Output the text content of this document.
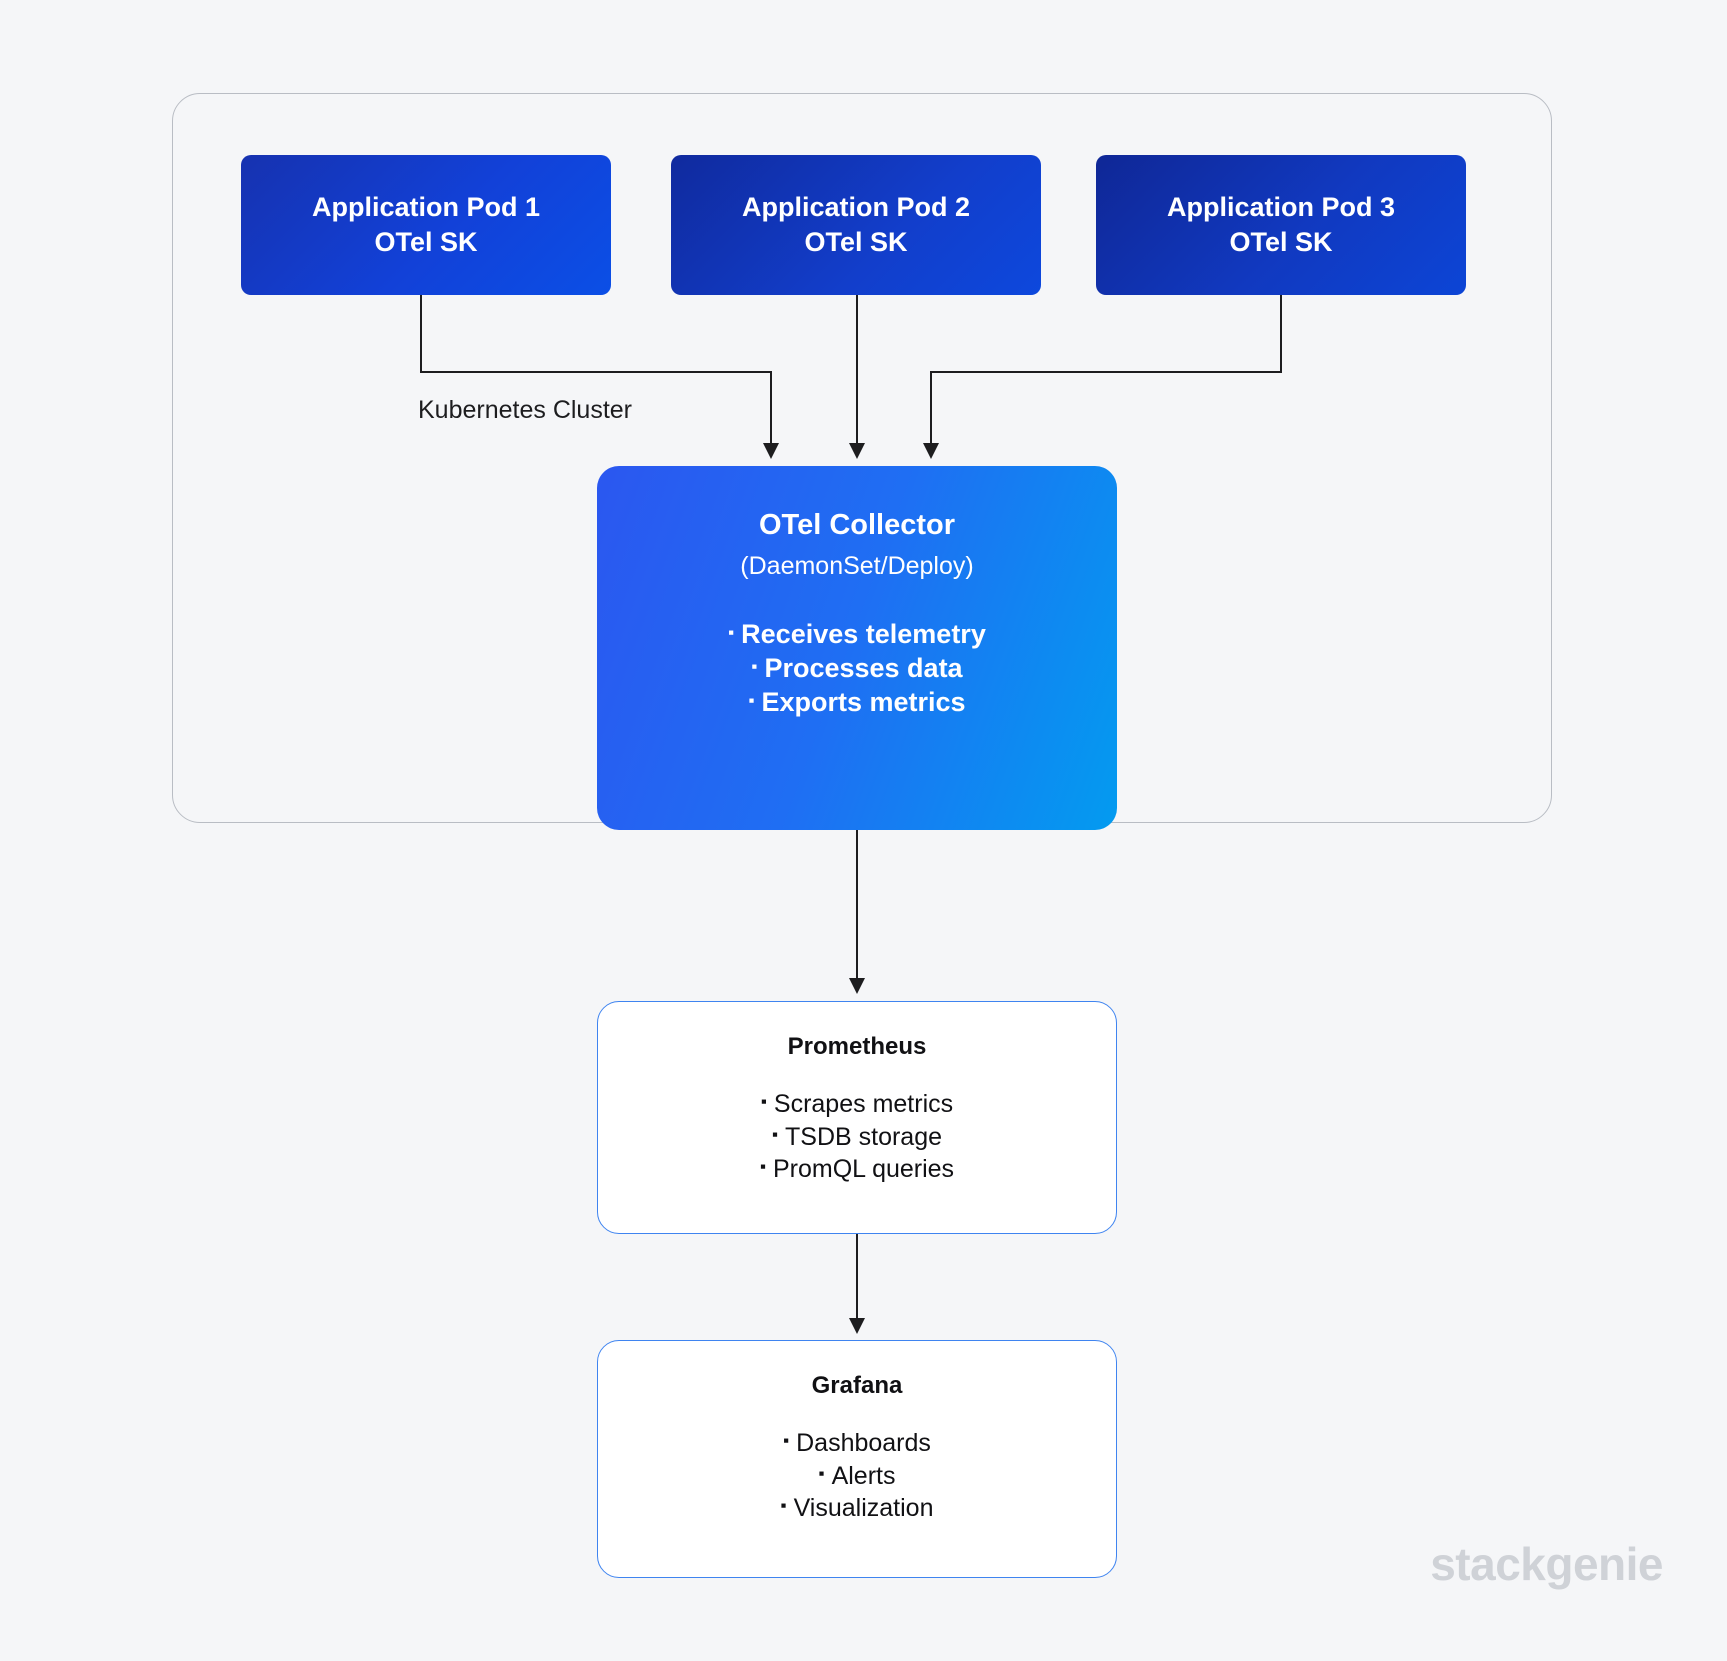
Kubernetes Cluster
Application Pod 1
OTel SK
Application Pod 2
OTel SK
Application Pod 3
OTel SK
OTel Collector
(DaemonSet/Deploy)
▪ Receives telemetry
▪ Processes data
▪ Exports metrics
Prometheus
▪ Scrapes metrics
▪ TSDB storage
▪ PromQL queries
Grafana
▪ Dashboards
▪ Alerts
▪ Visualization
stackgenie
